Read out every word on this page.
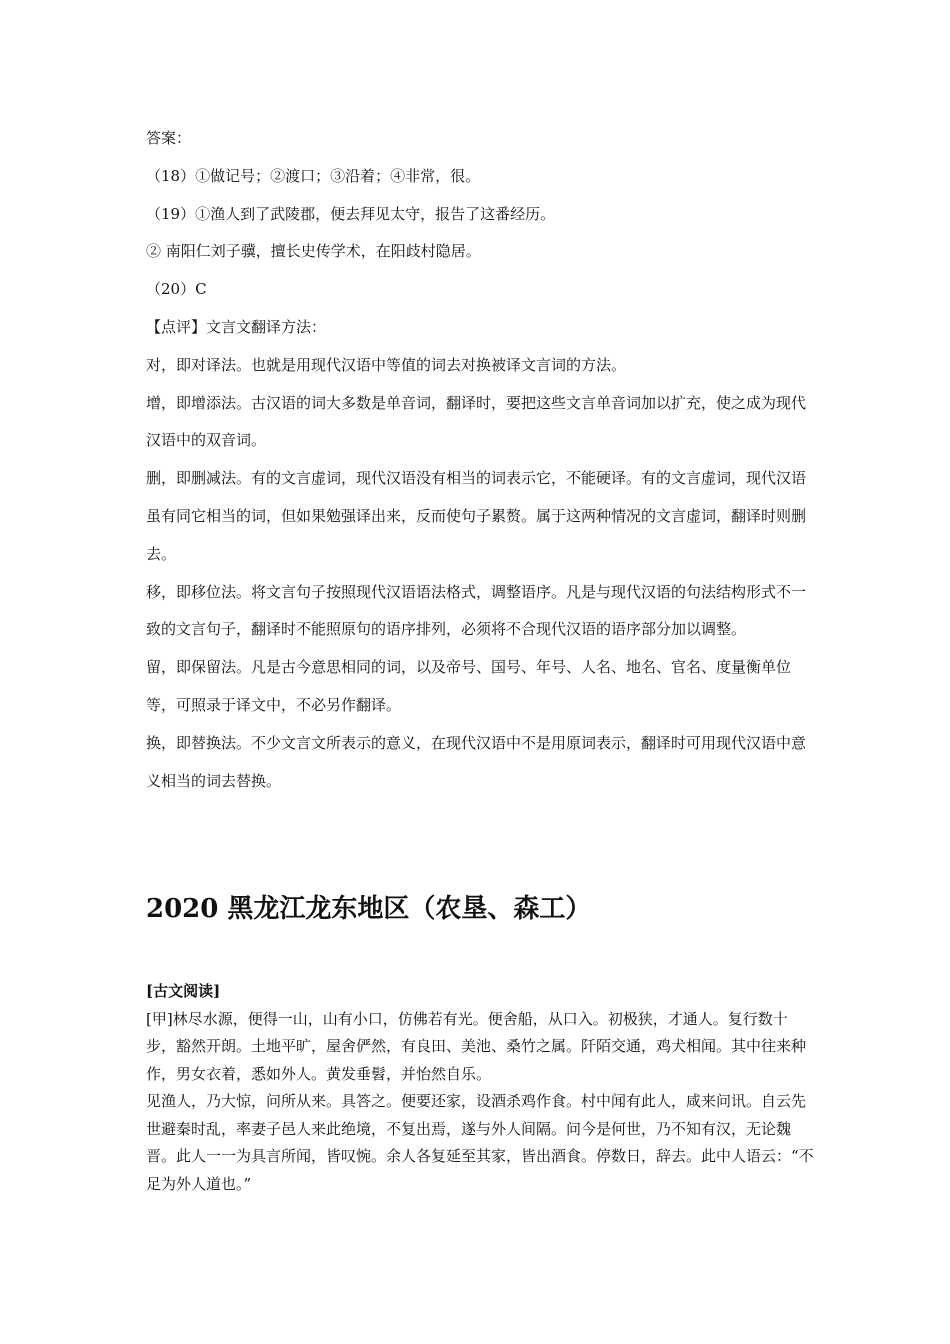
答案：

（18）①做记号；②渡口；③沿着；④非常，很。

（19）①渔人到了武陵郡，便去拜见太守，报告了这番经历。

② 南阳仁刘子骥，擅长史传学术，在阳歧村隐居。

（20）C

【点评】文言文翻译方法：

对，即对译法。也就是用现代汉语中等值的词去对换被译文言词的方法。

增，即增添法。古汉语的词大多数是单音词，翻译时，要把这些文言单音词加以扩充，使之成为现代汉语中的双音词。

删，即删减法。有的文言虚词，现代汉语没有相当的词表示它，不能硬译。有的文言虚词，现代汉语虽有同它相当的词，但如果勉强译出来，反而使句子累赘。属于这两种情况的文言虚词，翻译时则删去。

移，即移位法。将文言句子按照现代汉语语法格式，调整语序。凡是与现代汉语的句法结构形式不一致的文言句子，翻译时不能照原句的语序排列，必须将不合现代汉语的语序部分加以调整。

留，即保留法。凡是古今意思相同的词，以及帝号、国号、年号、人名、地名、官名、度量衡单位等，可照录于译文中，不必另作翻译。

换，即替换法。不少文言文所表示的意义，在现代汉语中不是用原词表示，翻译时可用现代汉语中意义相当的词去替换。

2020 黑龙江龙东地区（农垦、森工）

[古文阅读]

[甲]林尽水源，便得一山，山有小口，仿佛若有光。便舍船，从口入。初极狭，才通人。复行数十步，豁然开朗。土地平旷，屋舍俨然，有良田、美池、桑竹之属。阡陌交通，鸡犬相闻。其中往来种作，男女衣着，悉如外人。黄发垂髫，并怡然自乐。

见渔人，乃大惊，问所从来。具答之。便要还家，设酒杀鸡作食。村中闻有此人，咸来问讯。自云先世避秦时乱，率妻子邑人来此绝境，不复出焉，遂与外人间隔。问今是何世，乃不知有汉，无论魏晋。此人一一为具言所闻，皆叹惋。余人各复延至其家，皆出酒食。停数日，辞去。此中人语云：“不足为外人道也。”
